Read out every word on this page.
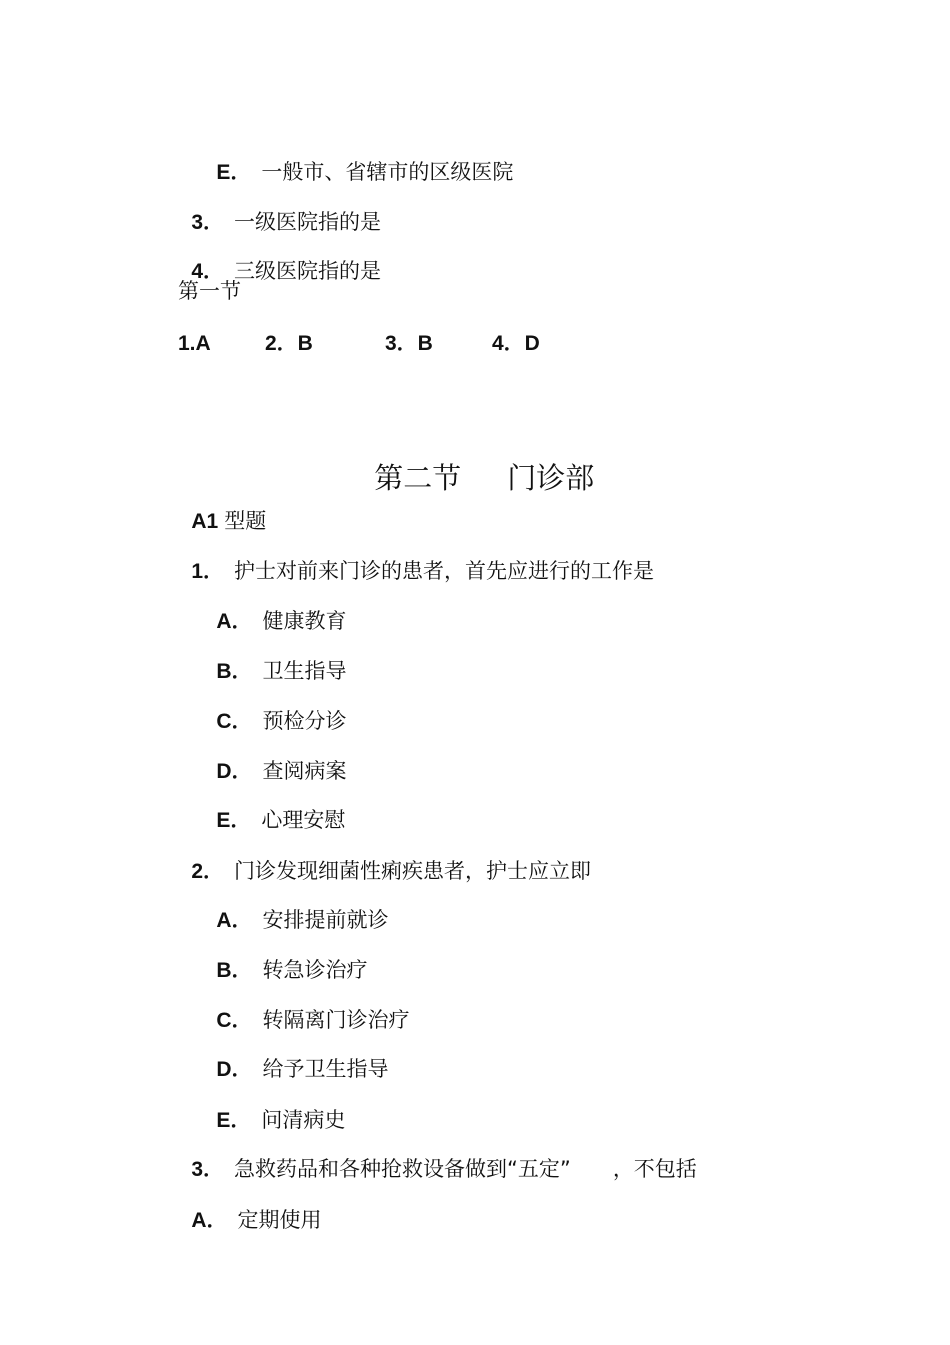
E． 一般市、省辖市的区级医院

3． 一级医院指的是

4． 三级医院指的是

第一节

1.A

	2．B

	3．B

	4．D

第二节 门诊部

A1 型题

1． 护士对前来门诊的患者，首先应进行的工作是

A． 健康教育

B． 卫生指导

C． 预检分诊

D． 查阅病案

E． 心理安慰

2． 门诊发现细菌性痢疾患者，护士应立即

A． 安排提前就诊

B． 转急诊治疗

C． 转隔离门诊治疗

D． 给予卫生指导

E． 问清病史

3． 急救药品和各种抢救设备做到“五定” ，不包括

A． 定期使用
